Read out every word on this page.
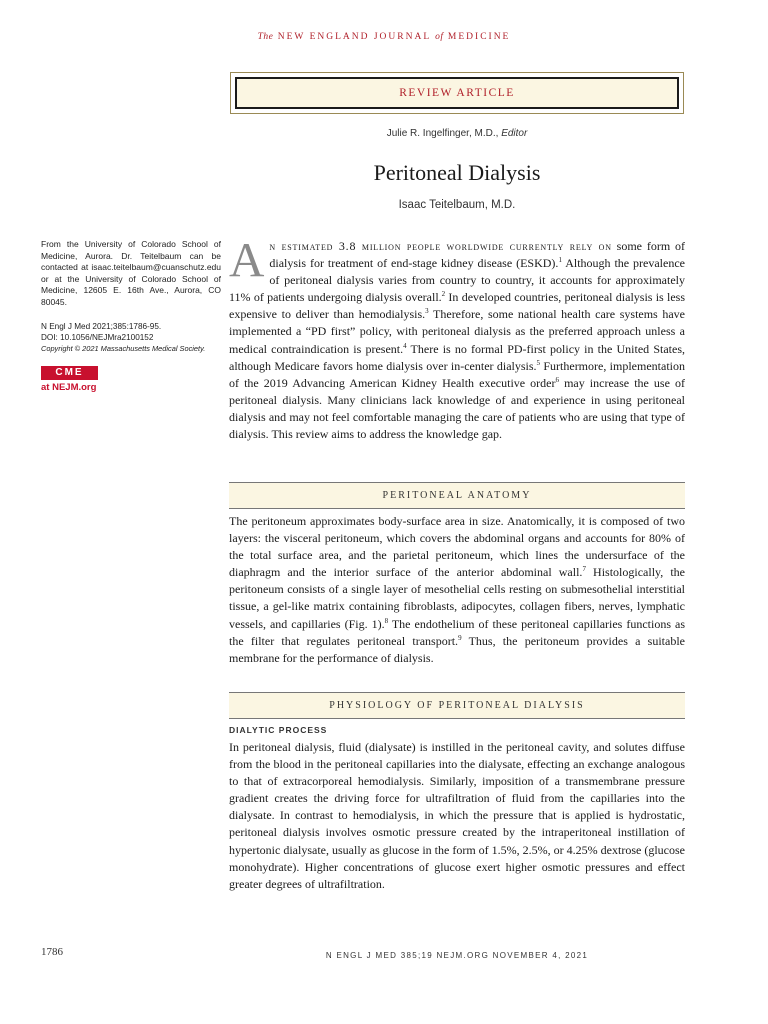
The NEW ENGLAND JOURNAL of MEDICINE
REVIEW ARTICLE
Julie R. Ingelfinger, M.D., Editor
Peritoneal Dialysis
Isaac Teitelbaum, M.D.
From the University of Colorado School of Medicine, Aurora. Dr. Teitelbaum can be contacted at isaac.teitelbaum@cuanschutz.edu or at the University of Colorado School of Medicine, 12605 E. 16th Ave., Aurora, CO 80045.
N Engl J Med 2021;385:1786-95.
DOI: 10.1056/NEJMra2100152
Copyright © 2021 Massachusetts Medical Society.
CME
at NEJM.org
An estimated 3.8 million people worldwide currently rely on some form of dialysis for treatment of end-stage kidney disease (ESKD).$^1$ Although the prevalence of peritoneal dialysis varies from country to country, it accounts for approximately 11% of patients undergoing dialysis overall.$^2$ In developed countries, peritoneal dialysis is less expensive to deliver than hemodialysis.$^3$ Therefore, some national health care systems have implemented a “PD first” policy, with peritoneal dialysis as the preferred approach unless a medical contraindication is present.$^4$ There is no formal PD-first policy in the United States, although Medicare favors home dialysis over in-center dialysis.$^5$ Furthermore, implementation of the 2019 Advancing American Kidney Health executive order$^6$ may increase the use of peritoneal dialysis. Many clinicians lack knowledge of and experience in using peritoneal dialysis and may not feel comfortable managing the care of patients who are using that type of dialysis. This review aims to address the knowledge gap.
PERITONEAL ANATOMY
The peritoneum approximates body-surface area in size. Anatomically, it is composed of two layers: the visceral peritoneum, which covers the abdominal organs and accounts for 80% of the total surface area, and the parietal peritoneum, which lines the undersurface of the diaphragm and the interior surface of the anterior abdominal wall.$^7$ Histologically, the peritoneum consists of a single layer of mesothelial cells resting on submesothelial interstitial tissue, a gel-like matrix containing fibroblasts, adipocytes, collagen fibers, nerves, lymphatic vessels, and capillaries (Fig. 1).$^8$ The endothelium of these peritoneal capillaries functions as the filter that regulates peritoneal transport.$^9$ Thus, the peritoneum provides a suitable membrane for the performance of dialysis.
PHYSIOLOGY OF PERITONEAL DIALYSIS
DIALYTIC PROCESS
In peritoneal dialysis, fluid (dialysate) is instilled in the peritoneal cavity, and solutes diffuse from the blood in the peritoneal capillaries into the dialysate, effecting an exchange analogous to that of extracorporeal hemodialysis. Similarly, imposition of a transmembrane pressure gradient creates the driving force for ultrafiltration of fluid from the capillaries into the dialysate. In contrast to hemodialysis, in which the pressure that is applied is hydrostatic, peritoneal dialysis involves osmotic pressure created by the intraperitoneal instillation of hypertonic dialysate, usually as glucose in the form of 1.5%, 2.5%, or 4.25% dextrose (glucose monohydrate). Higher concentrations of glucose exert higher osmotic pressures and effect greater degrees of ultrafiltration.
1786	N ENGL J MED 385;19 NEJM.ORG NOVEMBER 4, 2021
